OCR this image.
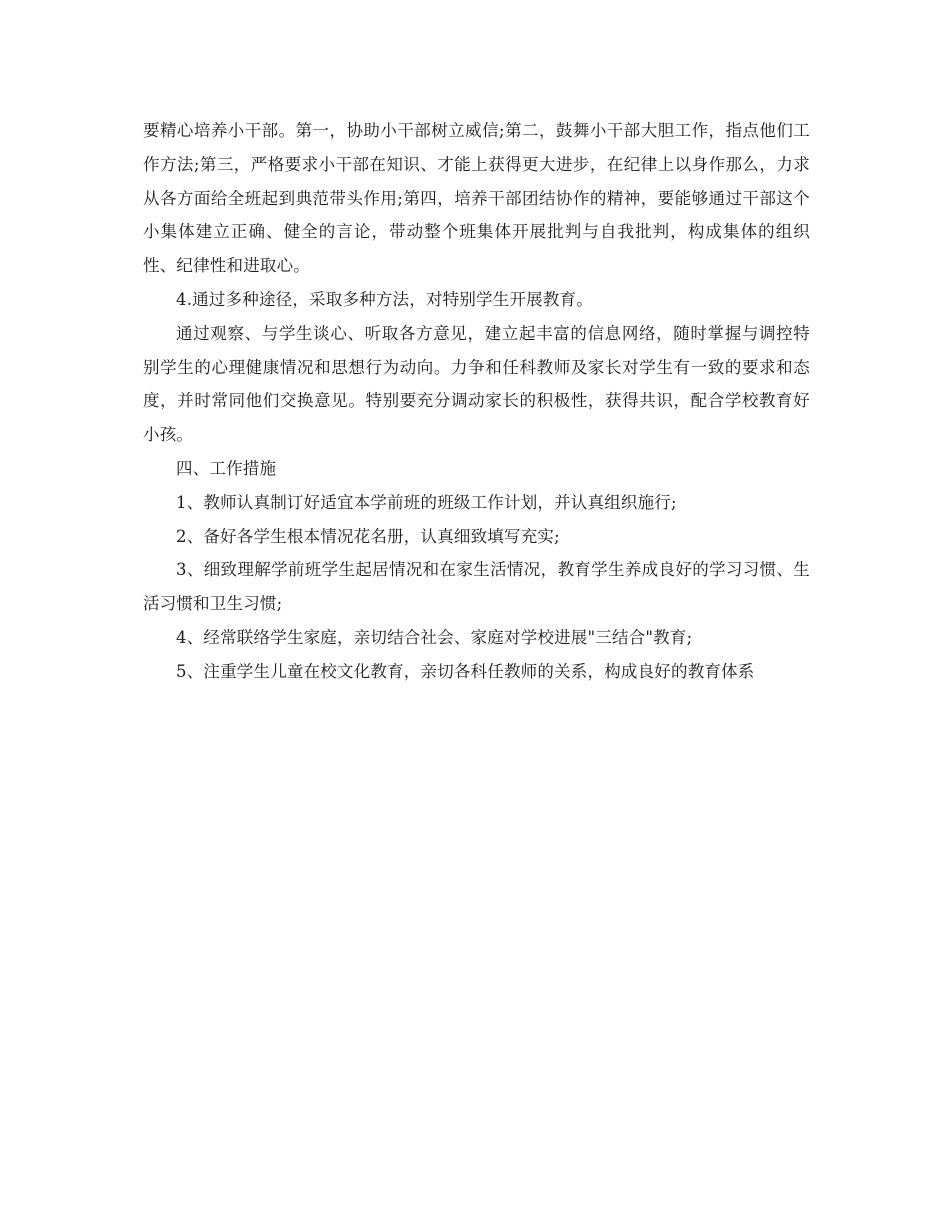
要精心培养小干部。第一，协助小干部树立威信;第二，鼓舞小干部大胆工作，指点他们工作方法;第三，严格要求小干部在知识、才能上获得更大进步，在纪律上以身作那么，力求从各方面给全班起到典范带头作用;第四，培养干部团结协作的精神，要能够通过干部这个小集体建立正确、健全的言论，带动整个班集体开展批判与自我批判，构成集体的组织性、纪律性和进取心。

4.通过多种途径，采取多种方法，对特别学生开展教育。

通过观察、与学生谈心、听取各方意见，建立起丰富的信息网络，随时掌握与调控特别学生的心理健康情况和思想行为动向。力争和任科教师及家长对学生有一致的要求和态度，并时常同他们交换意见。特别要充分调动家长的积极性，获得共识，配合学校教育好小孩。

四、工作措施

1、教师认真制订好适宜本学前班的班级工作计划，并认真组织施行;

2、备好各学生根本情况花名册，认真细致填写充实;

3、细致理解学前班学生起居情况和在家生活情况，教育学生养成良好的学习习惯、生活习惯和卫生习惯;

4、经常联络学生家庭，亲切结合社会、家庭对学校进展"三结合"教育;

5、注重学生儿童在校文化教育，亲切各科任教师的关系，构成良好的教育体系
